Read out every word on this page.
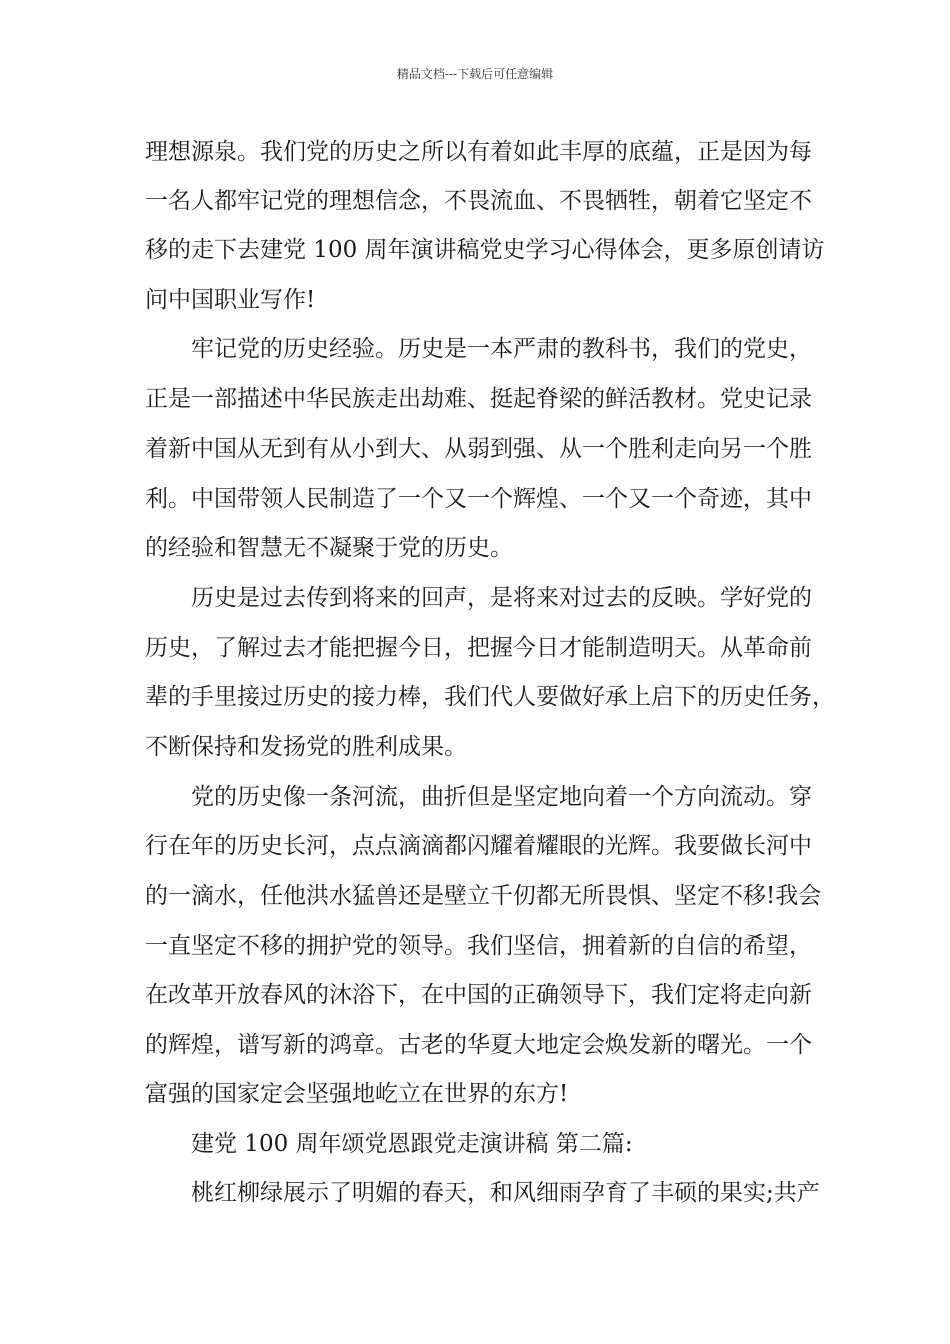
精品文档---下载后可任意编辑
理想源泉。我们党的历史之所以有着如此丰厚的底蕴，正是因为每
一名人都牢记党的理想信念，不畏流血、不畏牺牲，朝着它坚定不
移的走下去建党 100 周年演讲稿党史学习心得体会，更多原创请访
问中国职业写作!
牢记党的历史经验。历史是一本严肃的教科书，我们的党史，
正是一部描述中华民族走出劫难、挺起脊梁的鲜活教材。党史记录
着新中国从无到有从小到大、从弱到强、从一个胜利走向另一个胜
利。中国带领人民制造了一个又一个辉煌、一个又一个奇迹，其中
的经验和智慧无不凝聚于党的历史。
历史是过去传到将来的回声，是将来对过去的反映。学好党的
历史，了解过去才能把握今日，把握今日才能制造明天。从革命前
辈的手里接过历史的接力棒，我们代人要做好承上启下的历史任务，
不断保持和发扬党的胜利成果。
党的历史像一条河流，曲折但是坚定地向着一个方向流动。穿
行在年的历史长河，点点滴滴都闪耀着耀眼的光辉。我要做长河中
的一滴水，任他洪水猛兽还是壁立千仞都无所畏惧、坚定不移!我会
一直坚定不移的拥护党的领导。我们坚信，拥着新的自信的希望，
在改革开放春风的沐浴下，在中国的正确领导下，我们定将走向新
的辉煌，谱写新的鸿章。古老的华夏大地定会焕发新的曙光。一个
富强的国家定会坚强地屹立在世界的东方!
建党 100 周年颂党恩跟党走演讲稿 第二篇:
桃红柳绿展示了明媚的春天，和风细雨孕育了丰硕的果实;共产
